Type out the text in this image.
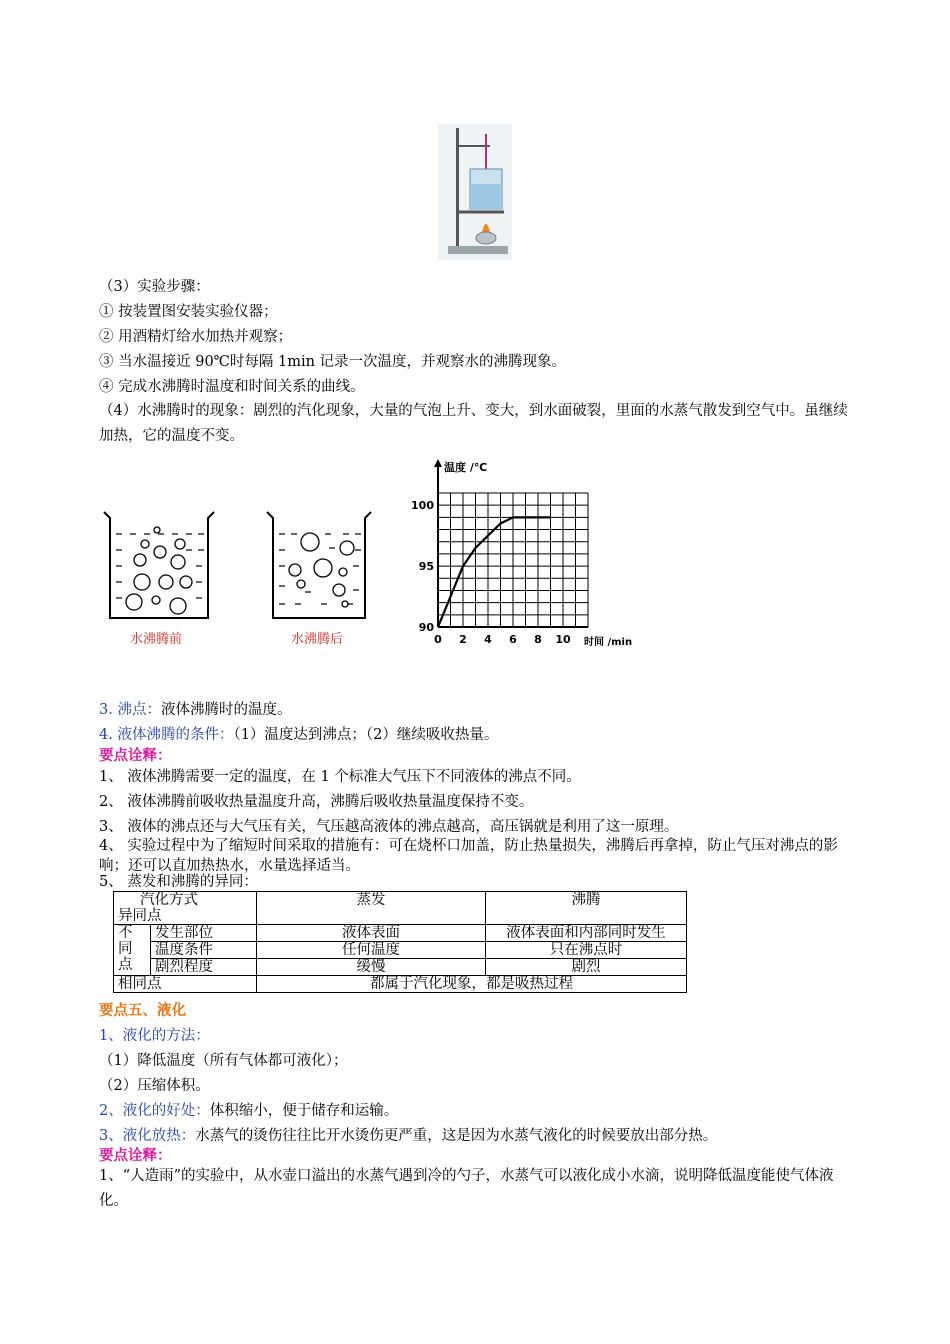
（3）实验步骤：
① 按装置图安装实验仪器；
② 用酒精灯给水加热并观察；
③ 当水温接近 90℃时每隔 1min 记录一次温度，并观察水的沸腾现象。
④ 完成水沸腾时温度和时间关系的曲线。
（4）水沸腾时的现象：剧烈的汽化现象，大量的气泡上升、变大，到水面破裂，里面的水蒸气散发到空气中。虽继续加热，它的温度不变。
水沸腾前	水沸腾后
温度 /℃
时间 /min
0 2 4 6 8 10
90
95
100
3. 沸点：液体沸腾时的温度。
4. 液体沸腾的条件：（1）温度达到沸点；（2）继续吸收热量。
要点诠释：
1、 液体沸腾需要一定的温度，在 1 个标准大气压下不同液体的沸点不同。
2、 液体沸腾前吸收热量温度升高，沸腾后吸收热量温度保持不变。
3、 液体的沸点还与大气压有关，气压越高液体的沸点越高，高压锅就是利用了这一原理。
4、 实验过程中为了缩短时间采取的措施有：可在烧杯口加盖，防止热量损失，沸腾后再拿掉，防止气压对沸点的影响；还可以直加热热水，水量选择适当。
5、 蒸发和沸腾的异同：
汽化方式
异同点		蒸发	沸腾

不
同
点	发生部位	液体表面	液体表面和内部同时发生
	温度条件	任何温度	只在沸点时
	剧烈程度	缓慢	剧烈
相同点		都属于汽化现象，都是吸热过程	
要点五、液化
1、液化的方法：
（1）降低温度（所有气体都可液化）；
（2）压缩体积。
2、液化的好处：体积缩小，便于储存和运输。
3、液化放热：水蒸气的烫伤往往比开水烫伤更严重，这是因为水蒸气液化的时候要放出部分热。
要点诠释：
1、“人造雨”的实验中，从水壶口溢出的水蒸气遇到冷的勺子，水蒸气可以液化成小水滴，说明降低温度能使气体液化。
